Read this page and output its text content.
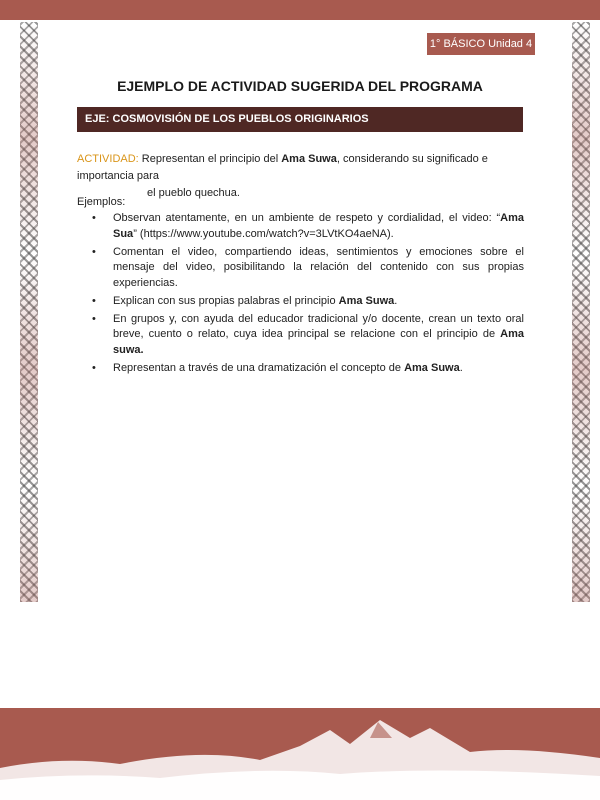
1° BÁSICO Unidad 4
EJEMPLO DE ACTIVIDAD SUGERIDA DEL PROGRAMA
EJE: COSMOVISIÓN DE LOS PUEBLOS ORIGINARIOS
ACTIVIDAD: Representan el principio del Ama Suwa, considerando su significado e importancia para
el pueblo quechua.
Ejemplos:
• Observan atentamente, en un ambiente de respeto y cordialidad, el video: “Ama Sua” (https://www.youtube.com/watch?v=3LVtKO4aeNA).
• Comentan el video, compartiendo ideas, sentimientos y emociones sobre el mensaje del video, posibilitando la relación del contenido con sus propias experiencias.
• Explican con sus propias palabras el principio Ama Suwa.
• En grupos y, con ayuda del educador tradicional y/o docente, crean un texto oral breve, cuento o relato, cuya idea principal se relacione con el principio de Ama suwa.
• Representan a través de una dramatización el concepto de Ama Suwa.
